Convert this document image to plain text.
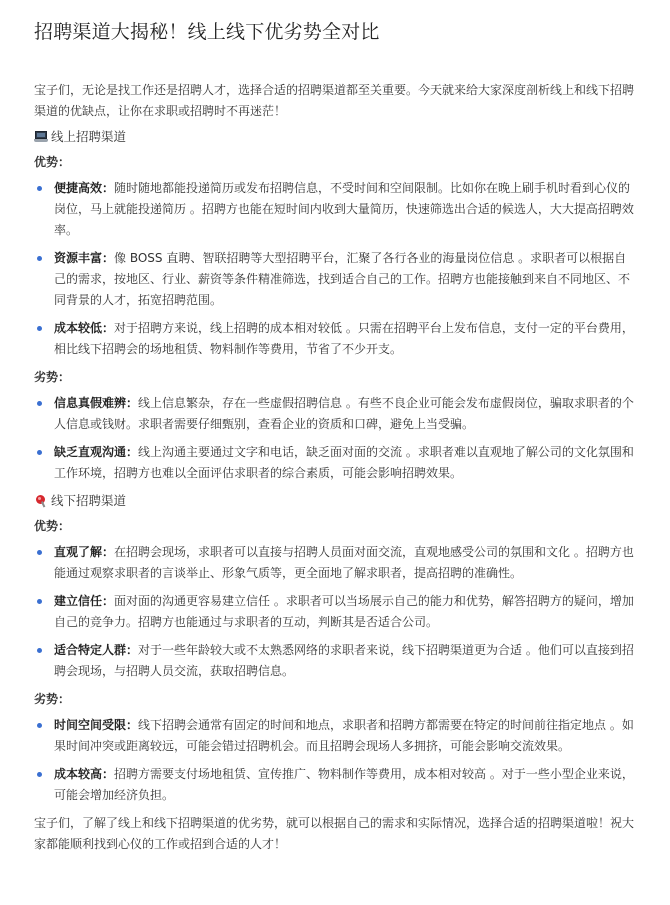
招聘渠道大揭秘！线上线下优劣势全对比

宝子们，无论是找工作还是招聘人才，选择合适的招聘渠道都至关重要。今天就来给大家深度剖析线上和线下招聘渠道的优缺点，让你在求职或招聘时不再迷茫！

线上招聘渠道
优势：
便捷高效：随时随地都能投递简历或发布招聘信息，不受时间和空间限制。比如你在晚上刷手机时看到心仪的岗位，马上就能投递简历 。招聘方也能在短时间内收到大量简历，快速筛选出合适的候选人，大大提高招聘效率。
资源丰富：像 BOSS 直聘、智联招聘等大型招聘平台，汇聚了各行各业的海量岗位信息 。求职者可以根据自己的需求，按地区、行业、薪资等条件精准筛选，找到适合自己的工作。招聘方也能接触到来自不同地区、不同背景的人才，拓宽招聘范围。
成本较低：对于招聘方来说，线上招聘的成本相对较低 。只需在招聘平台上发布信息，支付一定的平台费用，相比线下招聘会的场地租赁、物料制作等费用，节省了不少开支。
劣势：
信息真假难辨：线上信息繁杂，存在一些虚假招聘信息 。有些不良企业可能会发布虚假岗位，骗取求职者的个人信息或钱财。求职者需要仔细甄别，查看企业的资质和口碑，避免上当受骗。
缺乏直观沟通：线上沟通主要通过文字和电话，缺乏面对面的交流 。求职者难以直观地了解公司的文化氛围和工作环境，招聘方也难以全面评估求职者的综合素质，可能会影响招聘效果。
线下招聘渠道
优势：
直观了解：在招聘会现场，求职者可以直接与招聘人员面对面交流，直观地感受公司的氛围和文化 。招聘方也能通过观察求职者的言谈举止、形象气质等，更全面地了解求职者，提高招聘的准确性。
建立信任：面对面的沟通更容易建立信任 。求职者可以当场展示自己的能力和优势，解答招聘方的疑问，增加自己的竞争力。招聘方也能通过与求职者的互动，判断其是否适合公司。
适合特定人群：对于一些年龄较大或不太熟悉网络的求职者来说，线下招聘渠道更为合适 。他们可以直接到招聘会现场，与招聘人员交流，获取招聘信息。
劣势：
时间空间受限：线下招聘会通常有固定的时间和地点，求职者和招聘方都需要在特定的时间前往指定地点 。如果时间冲突或距离较远，可能会错过招聘机会。而且招聘会现场人多拥挤，可能会影响交流效果。
成本较高：招聘方需要支付场地租赁、宣传推广、物料制作等费用，成本相对较高 。对于一些小型企业来说，可能会增加经济负担。

宝子们，了解了线上和线下招聘渠道的优劣势，就可以根据自己的需求和实际情况，选择合适的招聘渠道啦！祝大家都能顺利找到心仪的工作或招到合适的人才！
